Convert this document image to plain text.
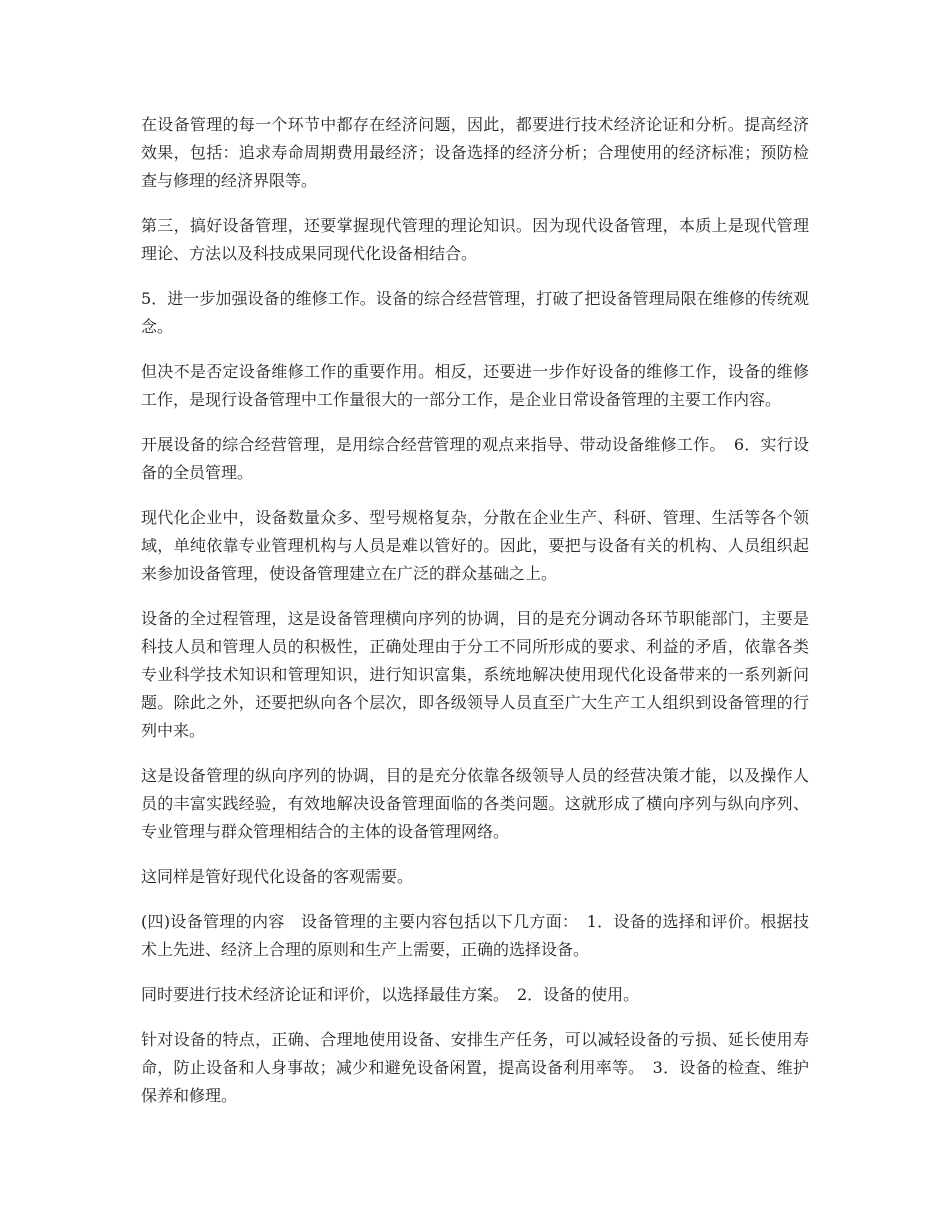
在设备管理的每一个环节中都存在经济问题，因此，都要进行技术经济论证和分析。提高经济效果，包括：追求寿命周期费用最经济；设备选择的经济分析；合理使用的经济标准；预防检查与修理的经济界限等。

第三，搞好设备管理，还要掌握现代管理的理论知识。因为现代设备管理，本质上是现代管理理论、方法以及科技成果同现代化设备相结合。

5．进一步加强设备的维修工作。设备的综合经营管理，打破了把设备管理局限在维修的传统观念。

但决不是否定设备维修工作的重要作用。相反，还要进一步作好设备的维修工作，设备的维修工作，是现行设备管理中工作量很大的一部分工作，是企业日常设备管理的主要工作内容。

开展设备的综合经营管理，是用综合经营管理的观点来指导、带动设备维修工作。　6．实行设备的全员管理。

现代化企业中，设备数量众多、型号规格复杂，分散在企业生产、科研、管理、生活等各个领域，单纯依靠专业管理机构与人员是难以管好的。因此，要把与设备有关的机构、人员组织起来参加设备管理，使设备管理建立在广泛的群众基础之上。

设备的全过程管理，这是设备管理横向序列的协调，目的是充分调动各环节职能部门，主要是科技人员和管理人员的积极性，正确处理由于分工不同所形成的要求、利益的矛盾，依靠各类专业科学技术知识和管理知识，进行知识富集，系统地解决使用现代化设备带来的一系列新问题。除此之外，还要把纵向各个层次，即各级领导人员直至广大生产工人组织到设备管理的行列中来。

这是设备管理的纵向序列的协调，目的是充分依靠各级领导人员的经营决策才能，以及操作人员的丰富实践经验，有效地解决设备管理面临的各类问题。这就形成了横向序列与纵向序列、专业管理与群众管理相结合的主体的设备管理网络。

这同样是管好现代化设备的客观需要。

(四)设备管理的内容　设备管理的主要内容包括以下几方面：　1．设备的选择和评价。根据技术上先进、经济上合理的原则和生产上需要，正确的选择设备。

同时要进行技术经济论证和评价，以选择最佳方案。　2．设备的使用。

针对设备的特点，正确、合理地使用设备、安排生产任务，可以减轻设备的亏损、延长使用寿命，防止设备和人身事故；减少和避免设备闲置，提高设备利用率等。　3．设备的检查、维护保养和修理。
